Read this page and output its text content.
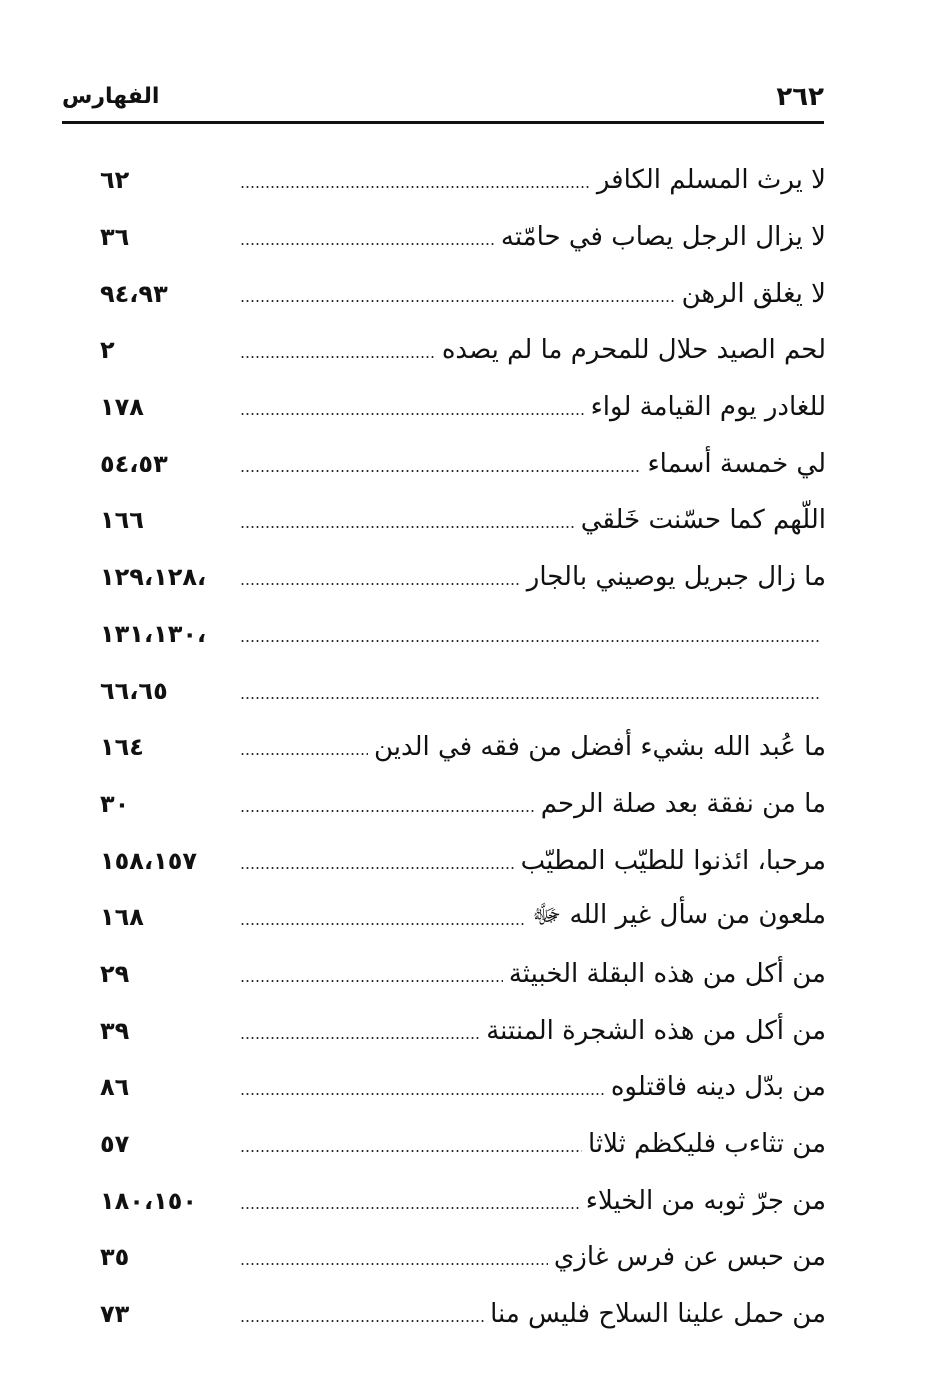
الفهارس	٢٦٢
لا يرث المسلم الكافر
٦٢
لا يزال الرجل يصاب في حامّته
٣٦
لا يغلق الرهن
٩٤،٩٣
لحم الصيد حلال للمحرم ما لم يصده
٢
للغادر يوم القيامة لواء
١٧٨
لي خمسة أسماء
٥٤،٥٣
اللّهم كما حسّنت خَلقي
١٦٦
ما زال جبريل يوصيني بالجار
١٢٩،١٢٨،
١٣١،١٣٠،
٦٦،٦٥
ما عُبد الله بشيء أفضل من فقه في الدين
١٦٤
ما من نفقة بعد صلة الرحم
٣٠
مرحبا، ائذنوا للطيّب المطيّب
١٥٨،١٥٧
ملعون من سأل غير الله ﷻ
١٦٨
من أكل من هذه البقلة الخبيثة
٢٩
من أكل من هذه الشجرة المنتنة
٣٩
من بدّل دينه فاقتلوه
٨٦
من تثاءب فليكظم ثلاثا
٥٧
من جرّ ثوبه من الخيلاء
١٨٠،١٥٠
من حبس عن فرس غازي
٣٥
من حمل علينا السلاح فليس منا
٧٣
